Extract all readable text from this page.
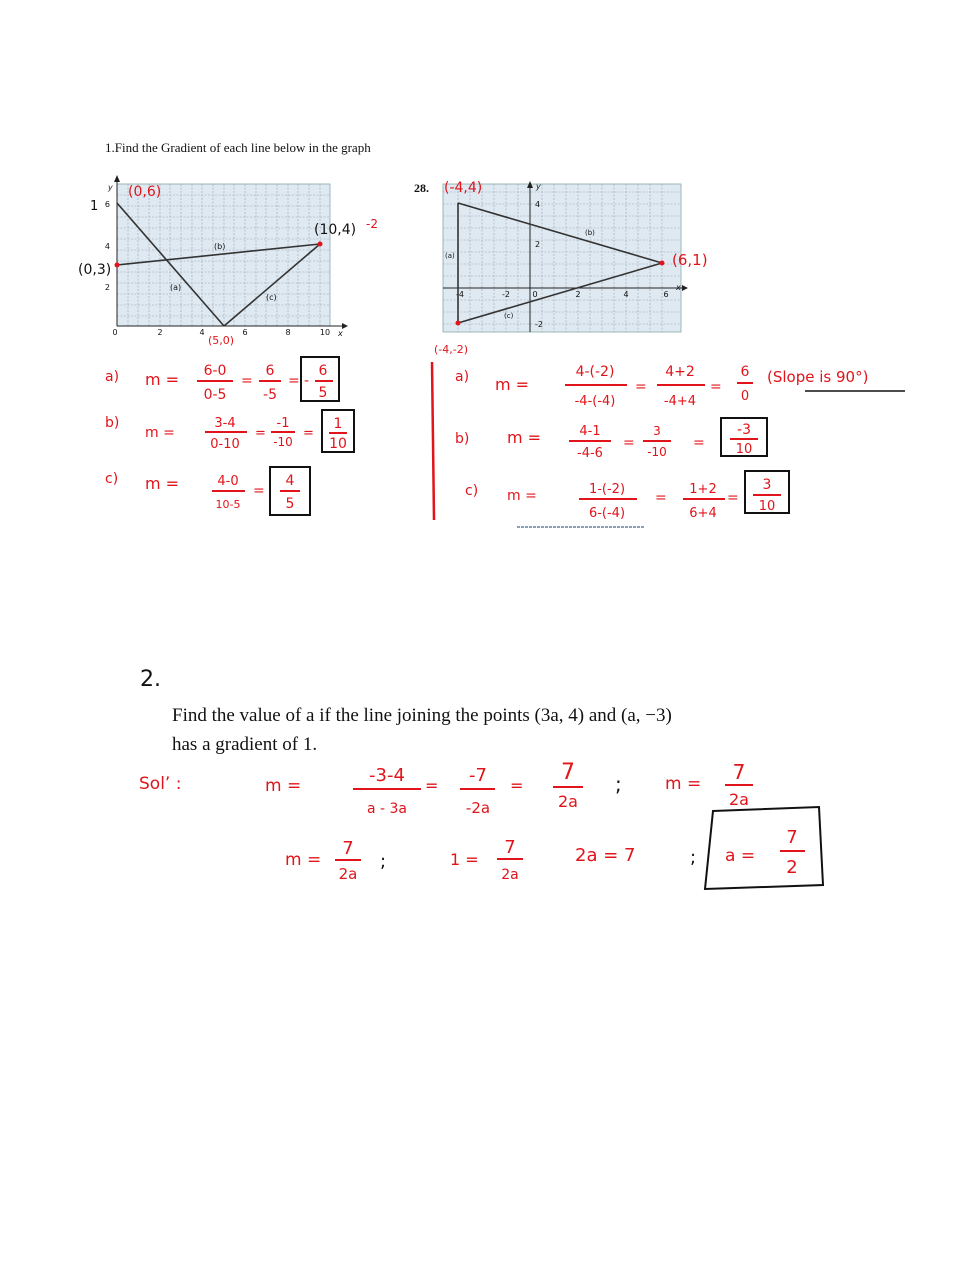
1.Find the Gradient of each line below in the graph
6
4
2
0	2	4	6	8	10 x
y
(a)
(b)
(c)
1
(0,6)
(0,3)
(10,4) -2
(5,0)
4
2
-2
-4	-2	0	2	4	6
x
y
(a)
(b)
(c)
28. (-4,4)
(6,1)
(-4,-2)
a) m = 6-0
0-5
=
6
-5
= -
6
5
b)
m =
3-4
0-10
=
-1
-10
=
1
10
c) m =	4-0
10-5
=
4
5
a) m =
4-(-2)
-4-(-4)
=
4+2
-4+4
=
6
0
(Slope is 90°)
b) m =	4-1
-4-6
=
3
-10
=
-3
10
c) m =	1-(-2)
6-(-4)
=
1+2
6+4
=
3
10
2.
Find the value of a if the line joining the points (3a, 4) and (a, −3)
has a gradient of 1.
Sol’ :	m =	-3-4
a - 3a
= -7
-2a
=
7
2a
;	m = 7
2a
m =
7
2a
;	1 =
7
2a
2a = 7	; a =
7
2
